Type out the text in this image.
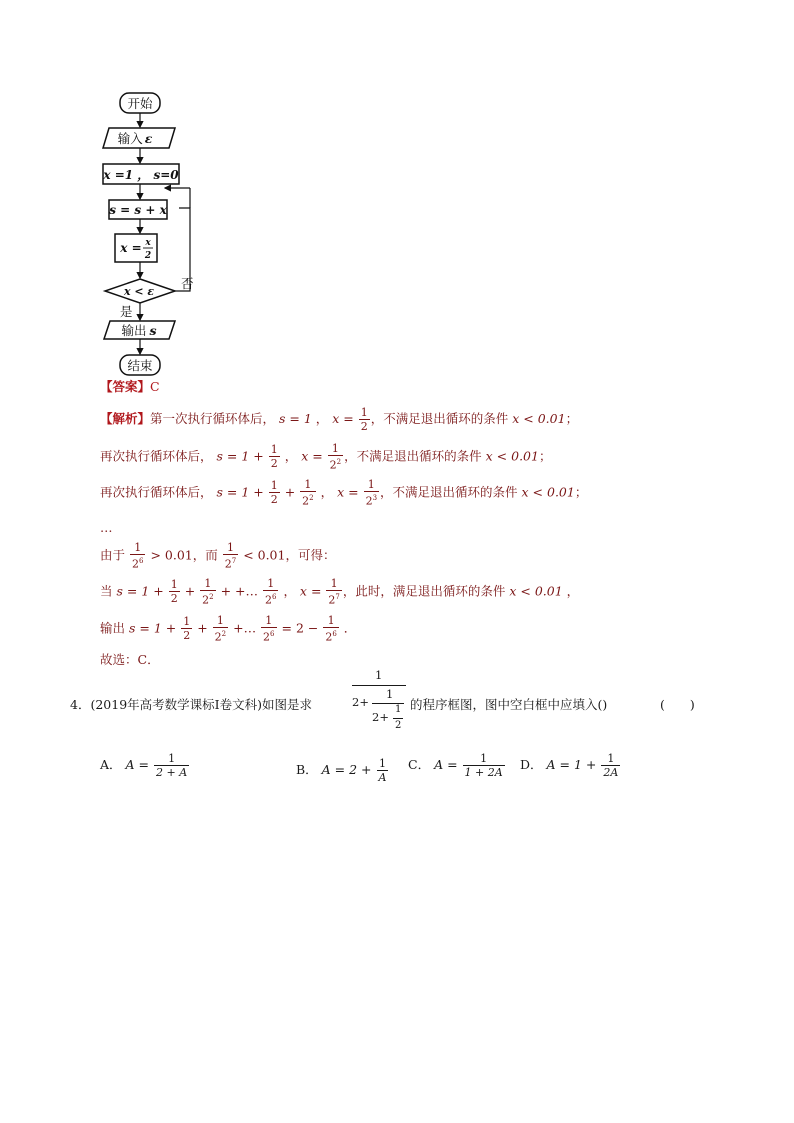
开始
输入 ε
x =1 ， s=0
s = s + x
x = x
2
x < ε
否
是
输出 s
结束
【答案】C
【解析】第一次执行循环体后， s = 1 ， $x = \frac{1}{2}$ ，不满足退出循环的条件 x < 0.01；
再次执行循环体后， $s = 1 + \frac{1}{2}$ ， $x = \frac{1}{2^2}$ ，不满足退出循环的条件 x < 0.01；
再次执行循环体后， $s = 1 + \frac{1}{2} + \frac{1}{2^2}$ ， $x = \frac{1}{2^3}$ ，不满足退出循环的条件 x < 0.01；
…
由于 $\frac{1}{2^6} > 0.01$，而 $\frac{1}{2^7} < 0.01$，可得：
当 $s = 1 + \frac{1}{2} + \frac{1}{2^2}$ + +… $\frac{1}{2^6}$ ， $x = \frac{1}{2^7}$ ，此时，满足退出循环的条件 x < 0.01 ，
输出 $s = 1 + \frac{1}{2} + \frac{1}{2^2}$ +… $\frac{1}{2^6} = 2 - \frac{1}{2^6}$ ．
故选：C．
4．(2019年高考数学课标Ⅰ卷文科)如图是求
1
2+
1
2+
1
2
的程序框图，图中空白框中应填入()	(　　)
A． $A = \frac{1}{2 + A}$	B． $A = 2 + \frac{1}{A}$ C． $A = \frac{1}{1 + 2A}$ D． $A = 1 + \frac{1}{2A}$
